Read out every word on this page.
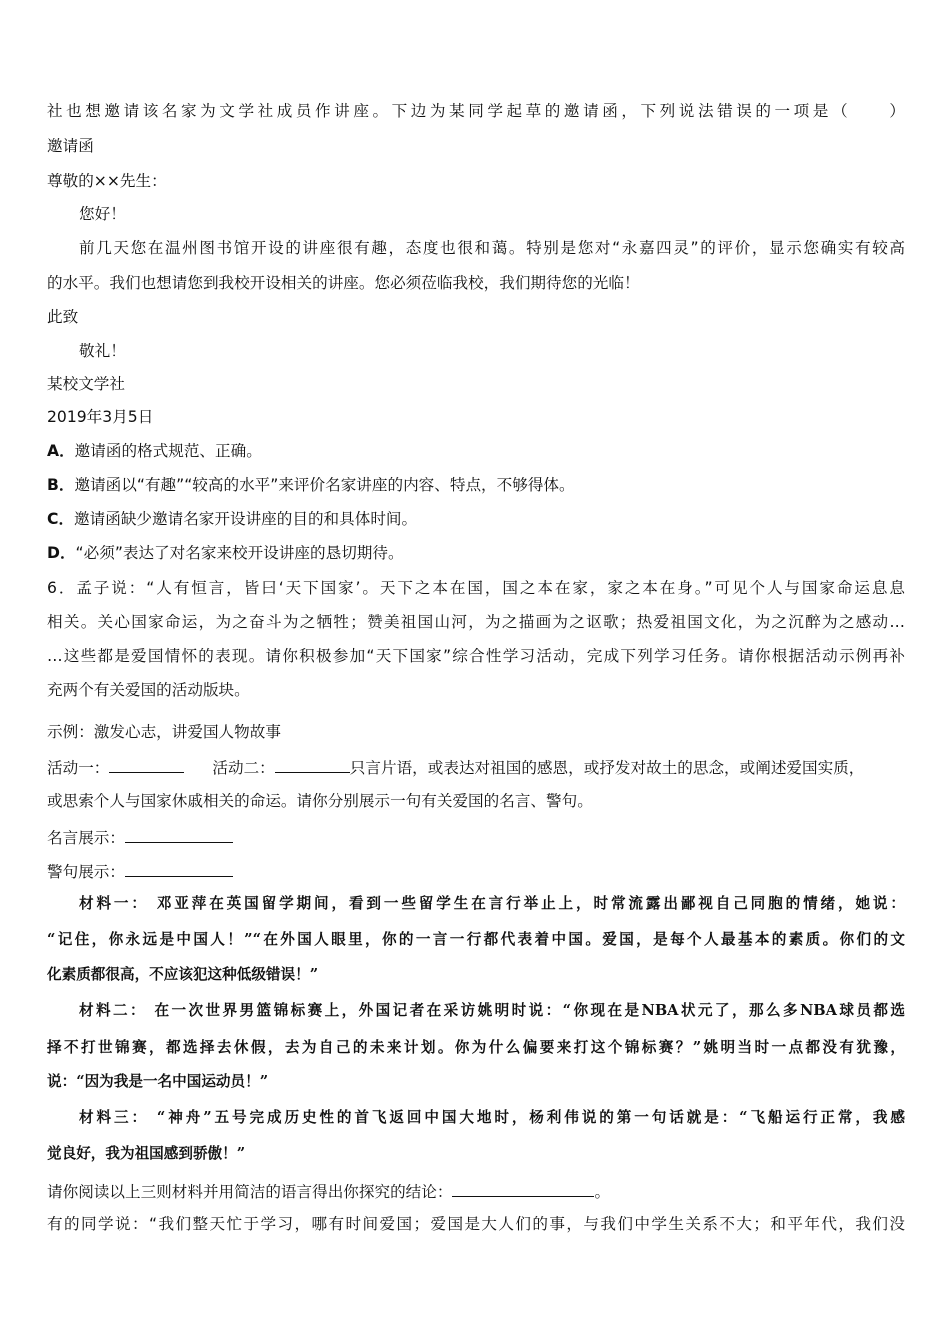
社也想邀请该名家为文学社成员作讲座。下边为某同学起草的邀请函，下列说法错误的一项是（　　）
邀请函
尊敬的××先生：
您好！
前几天您在温州图书馆开设的讲座很有趣，态度也很和蔼。特别是您对“永嘉四灵”的评价，显示您确实有较高
的水平。我们也想请您到我校开设相关的讲座。您必须莅临我校，我们期待您的光临！
此致
敬礼！
某校文学社
2019年3月5日
A．邀请函的格式规范、正确。
B．邀请函以“有趣”“较高的水平”来评价名家讲座的内容、特点，不够得体。
C．邀请函缺少邀请名家开设讲座的目的和具体时间。
D．“必须”表达了对名家来校开设讲座的恳切期待。
6．孟子说：“人有恒言，皆曰‘天下国家’。天下之本在国，国之本在家，家之本在身。”可见个人与国家命运息息
相关。关心国家命运，为之奋斗为之牺牲；赞美祖国山河，为之描画为之讴歌；热爱祖国文化，为之沉醉为之感动…
…这些都是爱国情怀的表现。请你积极参加“天下国家”综合性学习活动，完成下列学习任务。请你根据活动示例再补
充两个有关爱国的活动版块。
示例：激发心志，讲爱国人物故事
活动一：	活动二：	只言片语，或表达对祖国的感恩，或抒发对故土的思念，或阐述爱国实质，
或思索个人与国家休戚相关的命运。请你分别展示一句有关爱国的名言、警句。
名言展示：
警句展示：
材料一： 邓亚萍在英国留学期间，看到一些留学生在言行举止上，时常流露出鄙视自己同胞的情绪，她说：
“记住，你永远是中国人！”“在外国人眼里，你的一言一行都代表着中国。爱国，是每个人最基本的素质。你们的文
化素质都很高，不应该犯这种低级错误！”
材料二： 在一次世界男篮锦标赛上，外国记者在采访姚明时说：“你现在是NBA状元了，那么多NBA球员都选
择不打世锦赛，都选择去休假，去为自己的未来计划。你为什么偏要来打这个锦标赛？”姚明当时一点都没有犹豫，
说：“因为我是一名中国运动员！”
材料三： “神舟”五号完成历史性的首飞返回中国大地时，杨利伟说的第一句话就是：“飞船运行正常，我感
觉良好，我为祖国感到骄傲！”
请你阅读以上三则材料并用简洁的语言得出你探究的结论：	。
有的同学说：“我们整天忙于学习，哪有时间爱国；爱国是大人们的事，与我们中学生关系不大；和平年代，我们没
